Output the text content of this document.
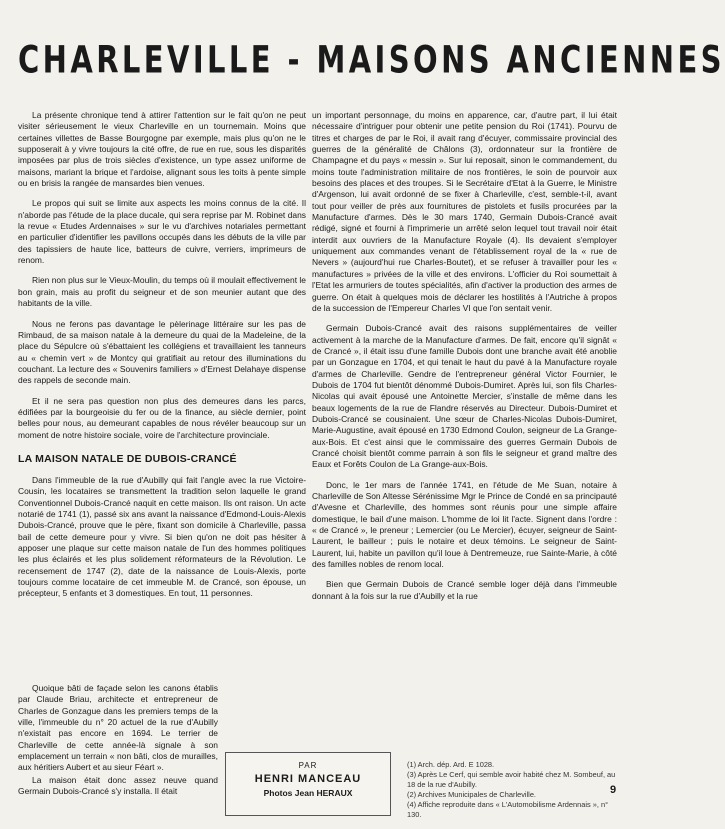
CHARLEVILLE - MAISONS ANCIENNES

La présente chronique tend à attirer l'attention sur le fait qu'on ne peut visiter sérieusement le vieux Charleville en un tournemain. Moins que certaines villettes de Basse Bourgogne par exemple, mais plus qu'on ne le supposerait à y vivre toujours la cité offre, de rue en rue, sous les disparités imposées par plus de trois siècles d'existence, un type assez uniforme de maisons, mariant la brique et l'ardoise, alignant sous les toits à pente simple ou en brisis la rangée de mansardes bien venues.

Le propos qui suit se limite aux aspects les moins connus de la cité. Il n'aborde pas l'étude de la place ducale, qui sera reprise par M. Robinet dans la revue « Etudes Ardennaises » sur le vu d'archives notariales permettant en particulier d'identifier les pavillons occupés dans les débuts de la ville par des tapissiers de haute lice, batteurs de cuivre, verriers, imprimeurs de renom.

Rien non plus sur le Vieux-Moulin, du temps où il moulait effectivement le bon grain, mais au profit du seigneur et de son meunier autant que des habitants de la ville.

Nous ne ferons pas davantage le pèlerinage littéraire sur les pas de Rimbaud, de sa maison natale à la demeure du quai de la Madeleine, de la place du Sépulcre où s'ébattaient les collégiens et travaillaient les tanneurs au « chemin vert » de Montcy qui gratifiait au retour des illuminations du couchant. La lecture des « Souvenirs familiers » d'Ernest Delahaye dispense des rappels de seconde main.

Et il ne sera pas question non plus des demeures dans les parcs, édifiées par la bourgeoisie du fer ou de la finance, au siècle dernier, point belles pour nous, au demeurant capables de nous révéler beaucoup sur un moment de notre histoire sociale, voire de l'architecture provinciale.

LA MAISON NATALE DE DUBOIS-CRANCÉ

Dans l'immeuble de la rue d'Aubilly qui fait l'angle avec la rue Victoire-Cousin, les locataires se transmettent la tradition selon laquelle le grand Conventionnel Dubois-Crancé naquit en cette maison. Ils ont raison. Un acte notarié de 1741 (1), passé six ans avant la naissance d'Edmond-Louis-Alexis Dubois-Crancé, prouve que le père, fixant son domicile à Charleville, passa bail de cette demeure pour y vivre. Si bien qu'on ne doit pas hésiter à apposer une plaque sur cette maison natale de l'un des hommes politiques les plus éclairés et les plus solidement réformateurs de la Révolution. Le recensement de 1747 (2), date de la naissance de Louis-Alexis, porte toujours comme locataire de cet immeuble M. de Crancé, son épouse, un précepteur, 5 enfants et 3 domestiques. En tout, 11 personnes.

Quoique bâti de façade selon les canons établis par Claude Briau, architecte et entrepreneur de Charles de Gonzague dans les premiers temps de la ville, l'immeuble du n° 20 actuel de la rue d'Aubilly n'existait pas encore en 1694. Le terrier de Charleville de cette année-là signale à son emplacement un terrain « non bâti, clos de murailles, aux héritiers Aubert et au sieur Féart ».

La maison était donc assez neuve quand Germain Dubois-Crancé s'y installa. Il était

un important personnage, du moins en apparence, car, d'autre part, il lui était nécessaire d'intriguer pour obtenir une petite pension du Roi (1741). Pourvu de titres et charges de par le Roi, il avait rang d'écuyer, commissaire provincial des guerres de la généralité de Châlons (3), ordonnateur sur la frontière de Champagne et du pays « messin ». Sur lui reposait, sinon le commandement, du moins toute l'administration militaire de nos frontières, le soin de pourvoir aux besoins des places et des troupes. Si le Secrétaire d'Etat à la Guerre, le Ministre d'Argenson, lui avait ordonné de se fixer à Charleville, c'est, semble-t-il, avant tout pour veiller de près aux fournitures de pistolets et fusils procurées par la Manufacture d'armes. Dès le 30 mars 1740, Germain Dubois-Crancé avait rédigé, signé et fourni à l'imprimerie un arrêté selon lequel tout travail noir était interdit aux ouvriers de la Manufacture Royale (4). Ils devaient s'employer uniquement aux commandes venant de l'établissement royal de la « rue de Nevers » (aujourd'hui rue Charles-Boutet), et se refuser à travailler pour les « manufactures » privées de la ville et des environs. L'officier du Roi soumettait à l'Etat les armuriers de toutes spécialités, afin d'activer la production des armes de guerre. On était à quelques mois de déclarer les hostilités à l'Autriche à propos de la succession de l'Empereur Charles VI que l'on sentait venir.

Germain Dubois-Crancé avait des raisons supplémentaires de veiller activement à la marche de la Manufacture d'armes. De fait, encore qu'il signât « de Crancé », il était issu d'une famille Dubois dont une branche avait été anoblie par un Gonzague en 1704, et qui tenait le haut du pavé à la Manufacture royale d'armes de Charleville. Gendre de l'entrepreneur général Victor Fournier, le Dubois de 1704 fut bientôt dénommé Dubois-Dumiret. Après lui, son fils Charles-Nicolas qui avait épousé une Antoinette Mercier, s'installe de même dans les beaux logements de la rue de Flandre réservés au Directeur. Dubois-Dumiret et Dubois-Crancé se cousinaient. Une sœur de Charles-Nicolas Dubois-Dumiret, Marie-Augustine, avait épousé en 1730 Edmond Coulon, seigneur de La Grange-aux-Bois. Et c'est ainsi que le commissaire des guerres Germain Dubois de Crancé choisit bientôt comme parrain à son fils le seigneur et grand maître des Eaux et Forêts Coulon de La Grange-aux-Bois.

Donc, le 1er mars de l'année 1741, en l'étude de Me Suan, notaire à Charleville de Son Altesse Sérénissime Mgr le Prince de Condé en sa principauté d'Avesne et Charleville, des hommes sont réunis pour une simple affaire domestique, le bail d'une maison. L'homme de loi lit l'acte. Signent dans l'ordre : « de Crancé », le preneur ; Lemercier (ou Le Mercier), écuyer, seigneur de Saint-Laurent, le bailleur ; puis le notaire et deux témoins. Le seigneur de Saint-Laurent, lui, habite un pavillon qu'il loue à Dentremeuze, rue Sainte-Marie, à côté des familles nobles de renom local.

Bien que Germain Dubois de Crancé semble loger déjà dans l'immeuble donnant à la fois sur la rue d'Aubilly et la rue

PAR
HENRI MANCEAU
Photos Jean HERAUX
(1) Arch. dép. Ard. E 1028.
(3) Après Le Cerf, qui semble avoir habité chez M. Sombeuf, au 18 de la rue d'Aubilly.
(2) Archives Municipales de Charleville.
(4) Affiche reproduite dans « L'Automobilisme Ardennais », n° 130.
9
